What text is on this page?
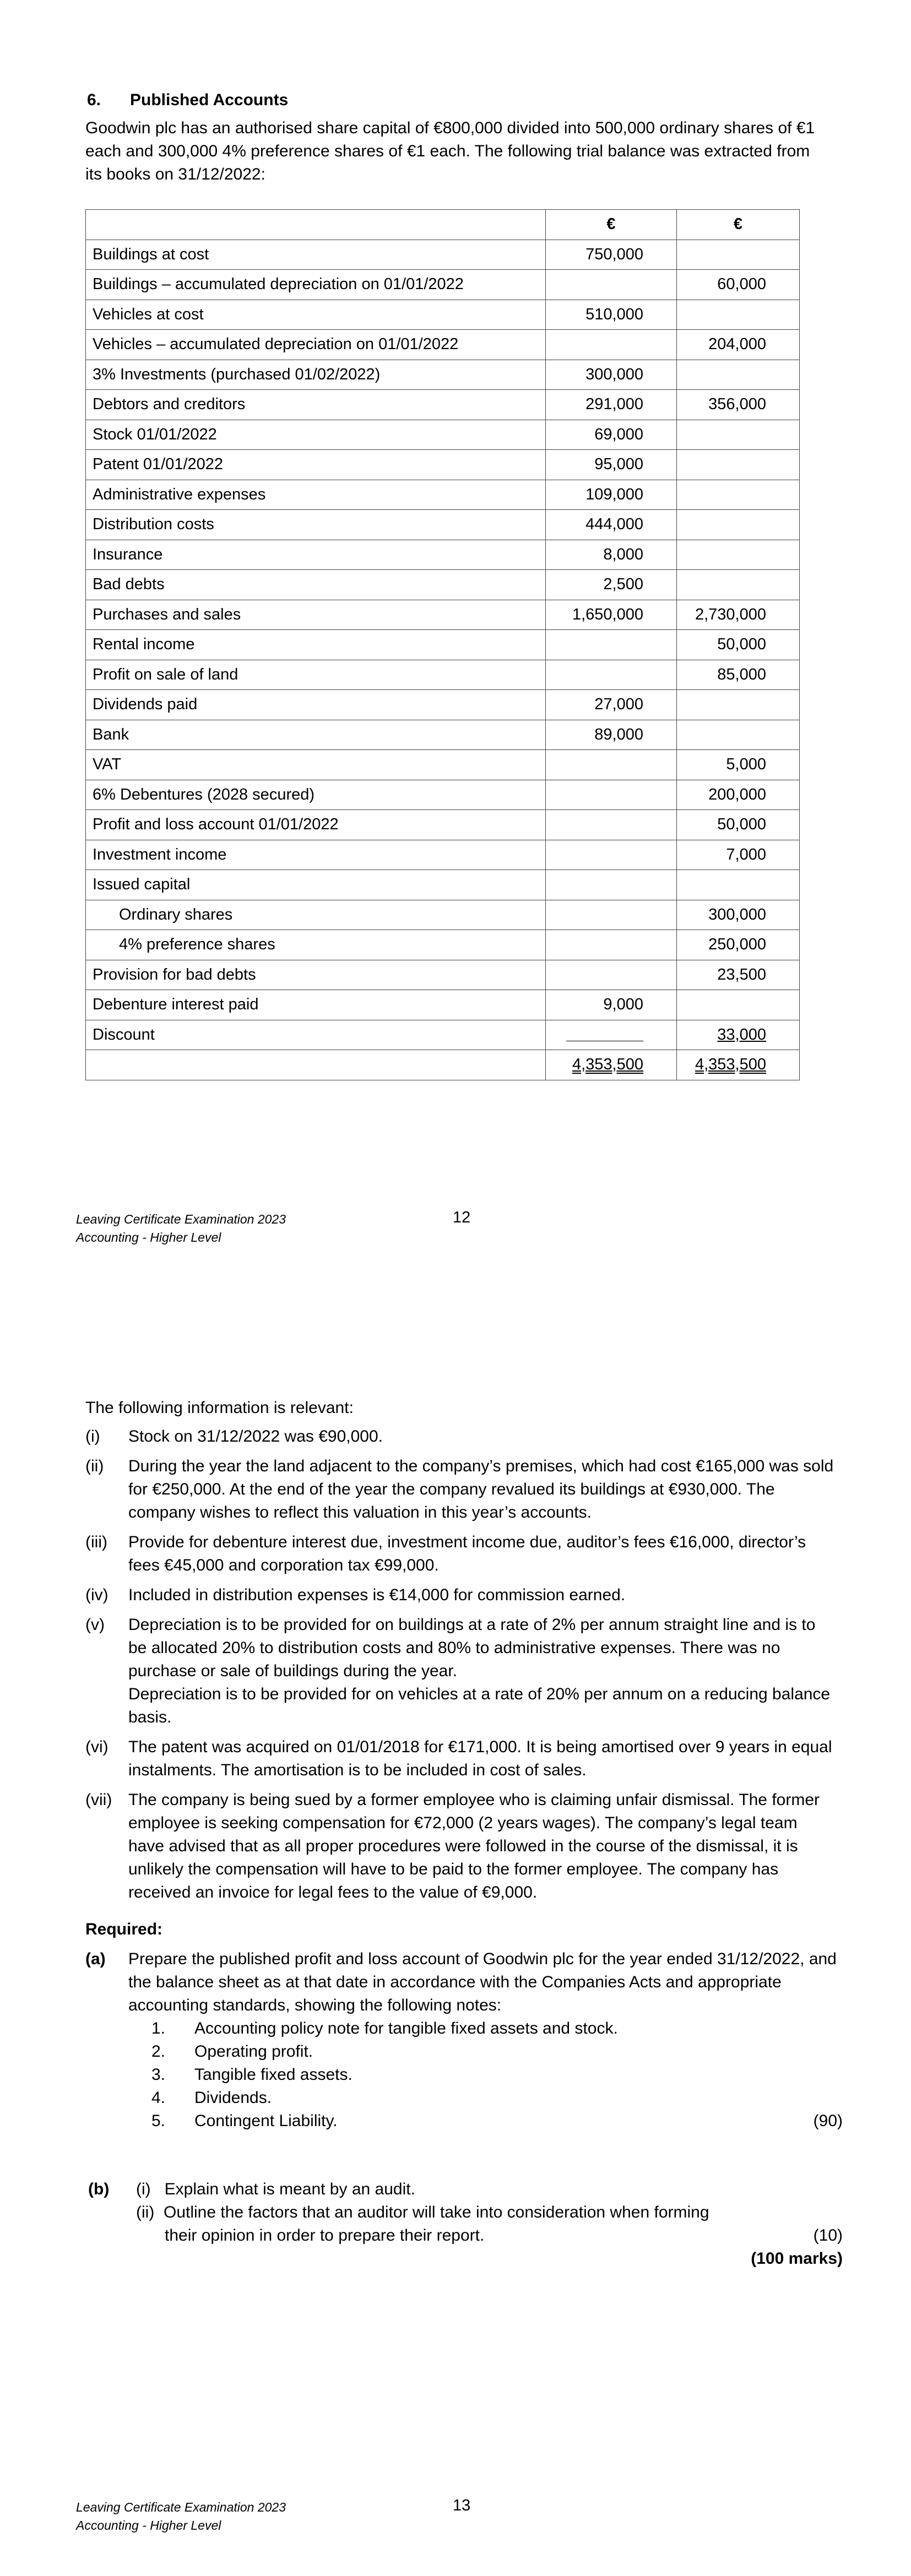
6. Published Accounts
Goodwin plc has an authorised share capital of €800,000 divided into 500,000 ordinary shares of €1 each and 300,000 4% preference shares of €1 each. The following trial balance was extracted from its books on 31/12/2022:
	€	€
Buildings at cost	750,000	
Buildings – accumulated depreciation on 01/01/2022		60,000
Vehicles at cost	510,000	
Vehicles – accumulated depreciation on 01/01/2022		204,000
3% Investments (purchased 01/02/2022)	300,000	
Debtors and creditors	291,000	356,000
Stock 01/01/2022	69,000	
Patent 01/01/2022	95,000	
Administrative expenses	109,000	
Distribution costs	444,000	
Insurance	8,000	
Bad debts	2,500	
Purchases and sales	1,650,000	2,730,000
Rental income		50,000
Profit on sale of land		85,000
Dividends paid	27,000	
Bank	89,000	
VAT		5,000
6% Debentures (2028 secured)		200,000
Profit and loss account 01/01/2022		50,000
Investment income		7,000
Issued capital		
Ordinary shares		300,000
4% preference shares		250,000
Provision for bad debts		23,500
Debenture interest paid	9,000	
Discount		33,000
	4,353,500	4,353,500
Leaving Certificate Examination 2023
Accounting - Higher Level
12
The following information is relevant:
(i)	Stock on 31/12/2022 was €90,000.

(ii)	During the year the land adjacent to the company’s premises, which had cost €165,000 was sold for €250,000. At the end of the year the company revalued its buildings at €930,000. The company wishes to reflect this valuation in this year’s accounts.

(iii)	Provide for debenture interest due, investment income due, auditor’s fees €16,000, director’s fees €45,000 and corporation tax €99,000.

(iv)	Included in distribution expenses is €14,000 for commission earned.

(v)	Depreciation is to be provided for on buildings at a rate of 2% per annum straight line and is to be allocated 20% to distribution costs and 80% to administrative expenses. There was no purchase or sale of buildings during the year.

Depreciation is to be provided for on vehicles at a rate of 20% per annum on a reducing balance basis.

(vi)	The patent was acquired on 01/01/2018 for €171,000. It is being amortised over 9 years in equal instalments. The amortisation is to be included in cost of sales.

(vii) The company is being sued by a former employee who is claiming unfair dismissal. The former employee is seeking compensation for €72,000 (2 years wages). The company’s legal team have advised that as all proper procedures were followed in the course of the dismissal, it is unlikely the compensation will have to be paid to the former employee. The company has received an invoice for legal fees to the value of €9,000.

Required:
(a) Prepare the published profit and loss account of Goodwin plc for the year ended 31/12/2022, and the balance sheet as at that date in accordance with the Companies Acts and appropriate accounting standards, showing the following notes:
1.	Accounting policy note for tangible fixed assets and stock.
2.	Operating profit.
3.	Tangible fixed assets.
4.	Dividends.
5.	Contingent Liability.	(90)
(b) (i)   Explain what is meant by an audit.
(ii)  Outline the factors that an auditor will take into consideration when forming
their opinion in order to prepare their report.	(10)
(100 marks)
Leaving Certificate Examination 2023
Accounting - Higher Level
13
